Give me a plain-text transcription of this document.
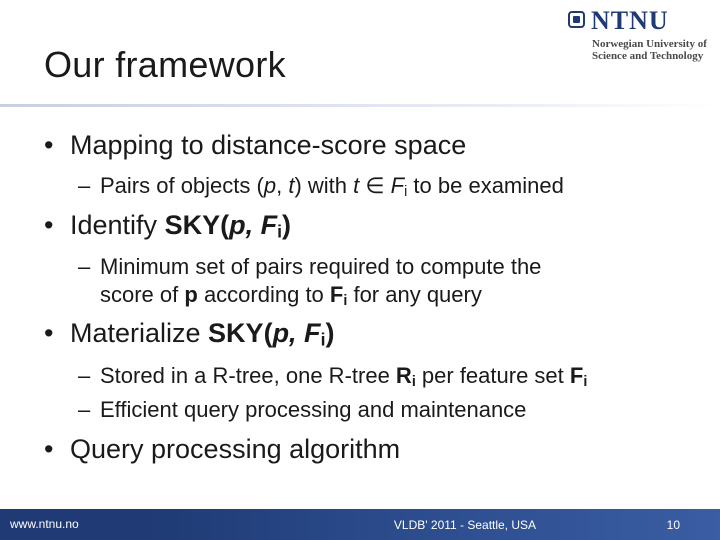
Our framework
NTNU
Norwegian University of
Science and Technology
• Mapping to distance-score space
– Pairs of objects (p, t) with t ∈ $F_i$ to be examined
• Identify SKY(p, $F_i$)
– Minimum set of pairs required to compute the
score of p according to $F_i$ for any query
• Materialize SKY(p, $F_i$)
– Stored in a R-tree, one R-tree $R_i$ per feature set $F_i$
– Efficient query processing and maintenance
• Query processing algorithm
www.ntnu.no	VLDB' 2011 - Seattle, USA	10
